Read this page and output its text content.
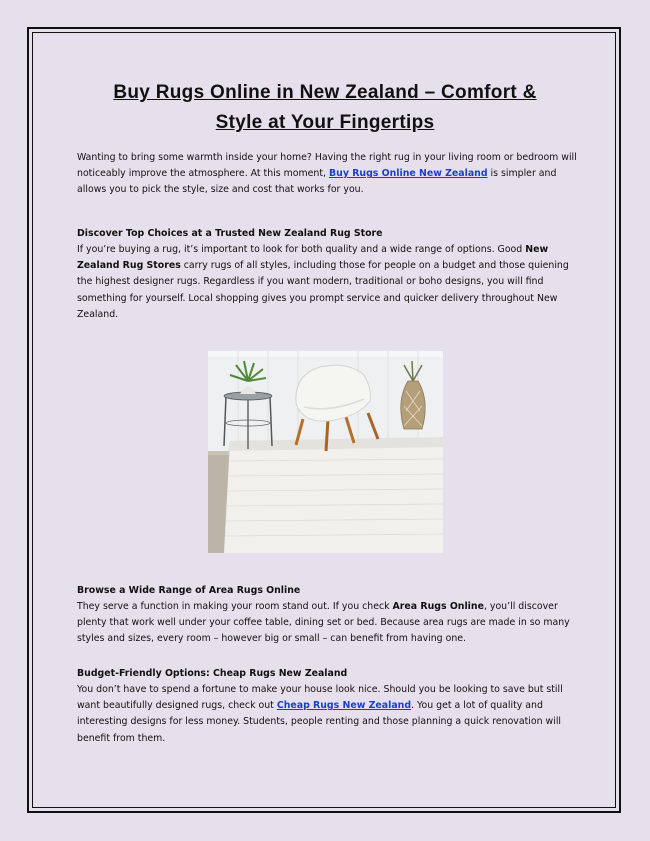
Buy Rugs Online in New Zealand – Comfort &
Style at Your Fingertips
Wanting to bring some warmth inside your home? Having the right rug in your living room or bedroom will noticeably improve the atmosphere. At this moment, Buy Rugs Online New Zealand is simpler and allows you to pick the style, size and cost that works for you.
Discover Top Choices at a Trusted New Zealand Rug Store
If you’re buying a rug, it’s important to look for both quality and a wide range of options. Good New Zealand Rug Stores carry rugs of all styles, including those for people on a budget and those quiening the highest designer rugs. Regardless if you want modern, traditional or boho designs, you will find something for yourself. Local shopping gives you prompt service and quicker delivery throughout New Zealand.
Browse a Wide Range of Area Rugs Online
They serve a function in making your room stand out. If you check Area Rugs Online, you’ll discover plenty that work well under your coffee table, dining set or bed. Because area rugs are made in so many styles and sizes, every room – however big or small – can benefit from having one.
Budget-Friendly Options: Cheap Rugs New Zealand
You don’t have to spend a fortune to make your house look nice. Should you be looking to save but still want beautifully designed rugs, check out Cheap Rugs New Zealand. You get a lot of quality and interesting designs for less money. Students, people renting and those planning a quick renovation will benefit from them.
